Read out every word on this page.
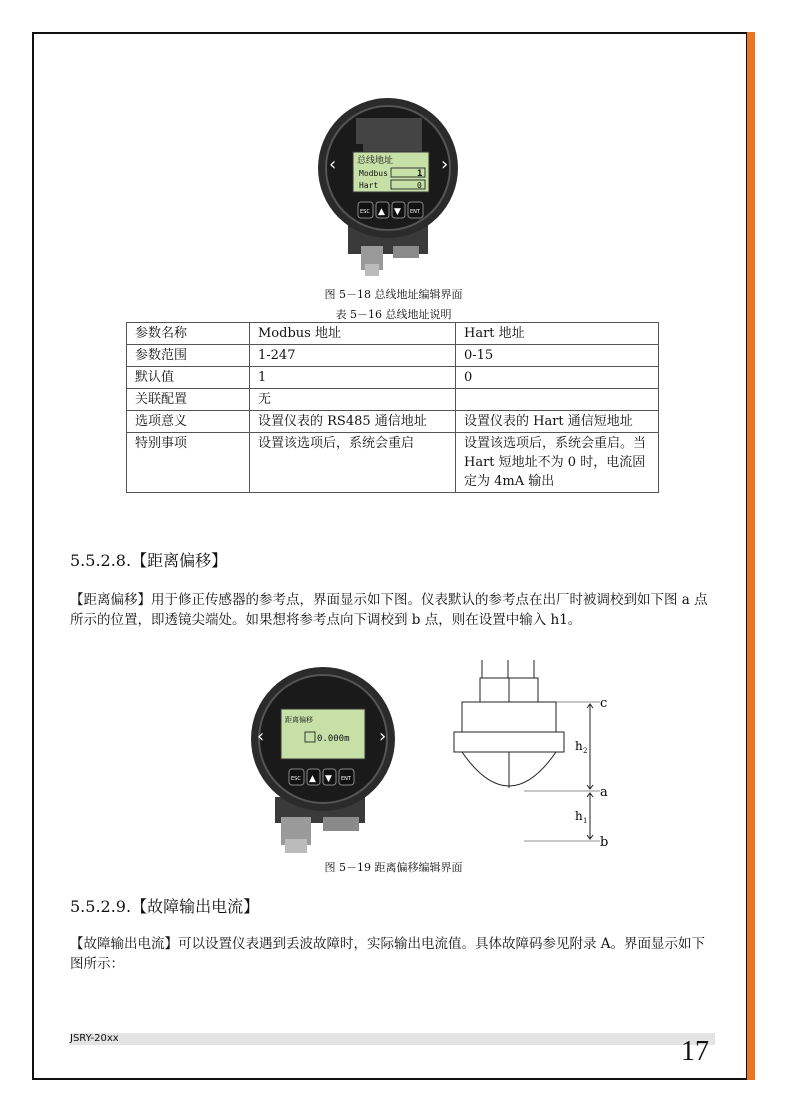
‹	›
总线地址
Modbus	1
Hart	0
ESC ▲ ▼ ENT
图 5－18 总线地址编辑界面
表 5－16 总线地址说明
参数名称	Modbus 地址	Hart 地址
参数范围	1-247	0-15
默认值	1	0
关联配置	无	
选项意义	设置仪表的 RS485 通信地址	设置仪表的 Hart 通信短地址
特别事项	设置该选项后，系统会重启	设置该选项后，系统会重启。当 Hart 短地址不为 0 时，电流固定为 4mA 输出
5.5.2.8.【距离偏移】
【距离偏移】用于修正传感器的参考点，界面显示如下图。仪表默认的参考点在出厂时被调校到如下图 a 点所示的位置，即透镜尖端处。如果想将参考点向下调校到 b 点，则在设置中输入 h1。
‹	›
距离偏移
0.000m
ESC ▲ ▼ ENT
c
a
b
h 2
h 1
图 5－19 距离偏移编辑界面
5.5.2.9.【故障输出电流】
【故障输出电流】可以设置仪表遇到丢波故障时，实际输出电流值。具体故障码参见附录 A。界面显示如下图所示：
JSRY-20xx	17
